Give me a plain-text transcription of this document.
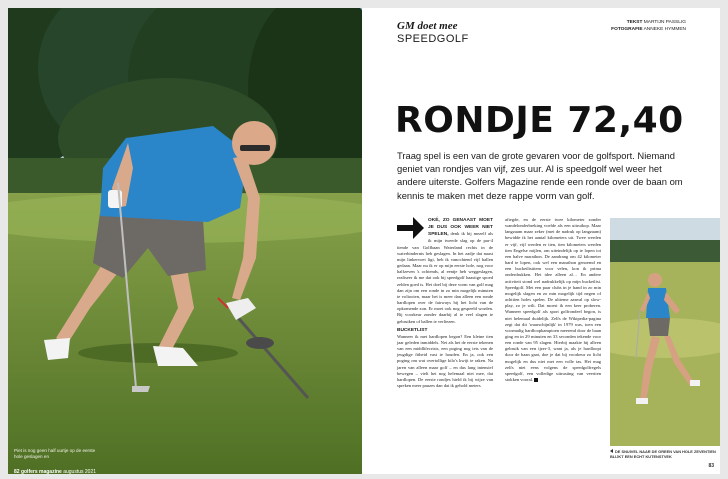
Piet is nog geen half uurtje op de eerste hole geslagen en
82 golfers magazine augustus 2021
GM doet mee
SPEEDGOLF
TEKST MARTIJN PASSLIG
FOTOGRAFIE ANNEKE HYMMEN
RONDJE 72,40
Traag spel is een van de grote gevaren voor de golfsport. Niemand geniet van rondjes van vijf, zes uur. Al is speedgolf wel weer het andere uiterste. Golfers Magazine rende een ronde over de baan om kennis te maken met deze rappe vorm van golf.
OKÉ, ZO GENAAST MOET JE DUS OOK WEER NIET SPELEN, denk ik bij mezelf als ik mijn tweede slag op de par-4 tiende van Golfbaan Waterland rechts in de waterhindernis heb geslagen. In het zadje dat naast mijn linkervoet ligt, heb ik vanochtend vijf ballen gedaan. Maar nu ik er op mijn eerste hole, nog voor halfzeven 's ochtends, al eentje heb weggeslagen, realiseer ik me dat ook bij speedgolf haastige spoed zelden goed is. Het doel bij deze vorm van golf mag dan zijn om een ronde in zo min mogelijk minuten te voltooien, maar het is meer dan alleen een ronde hardlopen over de fairways bij het licht van de opkomende zon. Er moet ook nog gespeeld worden. Bij voorkeur zonder daarbij al te veel slagen te gebruiken of ballen te verliezen.
BUCKETLIST
Wanneer ik met hardlopen begon? Een kleine tien jaar geleden inmiddels. Net als het de eerste tekenen van een middlifecrisis, een poging nog iets van de jeugdige fitheid vast te houden. En ja, ook een poging om wat overtollige kilo's kwijt te raken. Na jaren van alleen maar golf – en dus lang intensief bewegen – vielt het nog helemaal niet mee, dat hardlopen. De eerste rondjes hield ik bij wijze van spreken meer pauzes dan dat ik gehold meters
afiegde, en de eerste twee kilometer zonder wandelonderbreking voelde als een uitruikop. Maar langzaam maar zeker (met de nadruk op langzaam) bewidde ik het aantal kilometers uit. Twee werden er vijf, vijf werden er tien, tien kilometers werden tien Engelse mijlen, om uiteindelijk op te lopen tot een halve marathon. De aandrang om 42 kilometer hard te lopen, ook wel een marathon genoemd en een bucketlistitem voor velen, kon ik prima onderdrukken. Het idee alleen al… En andere activiteit stond wel nadrukkelijk op mijn bucketlist. Speedgolf. Met een paar clubs in je hand in zo min mogelijk slagen en zo min mogelijk tijd negen of achttien holes spelen. De ultieme aanval op slow-play, zo je wilt. Dat moest ik een keer proberen. Wanneer speedgolf als sport golfrondeel begon, is niet helemaal duidelijk. Zelfs de Wikipedia-pagina zegt dat dit 'waarschijnlijk' in 1979 was, toen een voormalig hardloopkampioen meerend door de baan ging en in 29 minuten en 33 seconden tekende voor een ronde van 95 slagen. Hierbij maakte hij alleen gebruik van een ijzer-3, want ja, als je hardloopt door de baan gaat, doe je dat bij voorkeur zo licht mogelijk en dus niet met een volle tas. Het mag zelfs niet eens volgens de speedgolfregels speedgolf, een volledige uitrusting van veertien stokken vooral.
DE SNUIVEL NAAR DE GREEN VAN HOLE ZEVENTIEN BLIJKT EEN ECHT KUTENSTVEK
83
